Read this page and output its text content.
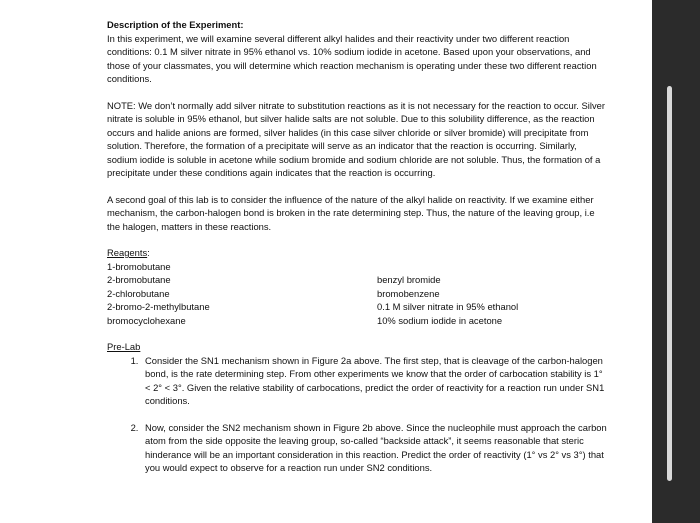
Description of the Experiment:

In this experiment, we will examine several different alkyl halides and their reactivity under two different reaction conditions: 0.1 M silver nitrate in 95% ethanol vs. 10% sodium iodide in acetone. Based upon your observations, and those of your classmates, you will determine which reaction mechanism is operating under these two different reaction conditions.

NOTE: We don’t normally add silver nitrate to substitution reactions as it is not necessary for the reaction to occur. Silver nitrate is soluble in 95% ethanol, but silver halide salts are not soluble. Due to this solubility difference, as the reaction occurs and halide anions are formed, silver halides (in this case silver chloride or silver bromide) will precipitate from solution. Therefore, the formation of a precipitate will serve as an indicator that the reaction is occurring. Similarly, sodium iodide is soluble in acetone while sodium bromide and sodium chloride are not soluble. Thus, the formation of a precipitate under these conditions again indicates that the reaction is occurring.

A second goal of this lab is to consider the influence of the nature of the alkyl halide on reactivity. If we examine either mechanism, the carbon-halogen bond is broken in the rate determining step. Thus, the nature of the leaving group, i.e the halogen, matters in these reactions.

Reagents:

1-bromobutane
2-bromobutane
2-chlorobutane
2-bromo-2-methylbutane
bromocyclohexane
benzyl bromide
bromobenzene
0.1 M silver nitrate in 95% ethanol
10% sodium iodide in acetone

Pre-Lab

1. Consider the SN1 mechanism shown in Figure 2a above. The first step, that is cleavage of the carbon-halogen bond, is the rate determining step. From other experiments we know that the order of carbocation stability is 1° < 2° < 3°. Given the relative stability of carbocations, predict the order of reactivity for a reaction run under SN1 conditions.
2. Now, consider the SN2 mechanism shown in Figure 2b above. Since the nucleophile must approach the carbon atom from the side opposite the leaving group, so-called “backside attack”, it seems reasonable that steric hinderance will be an important consideration in this reaction. Predict the order of reactivity (1° vs 2° vs 3°) that you would expect to observe for a reaction run under SN2 conditions.
